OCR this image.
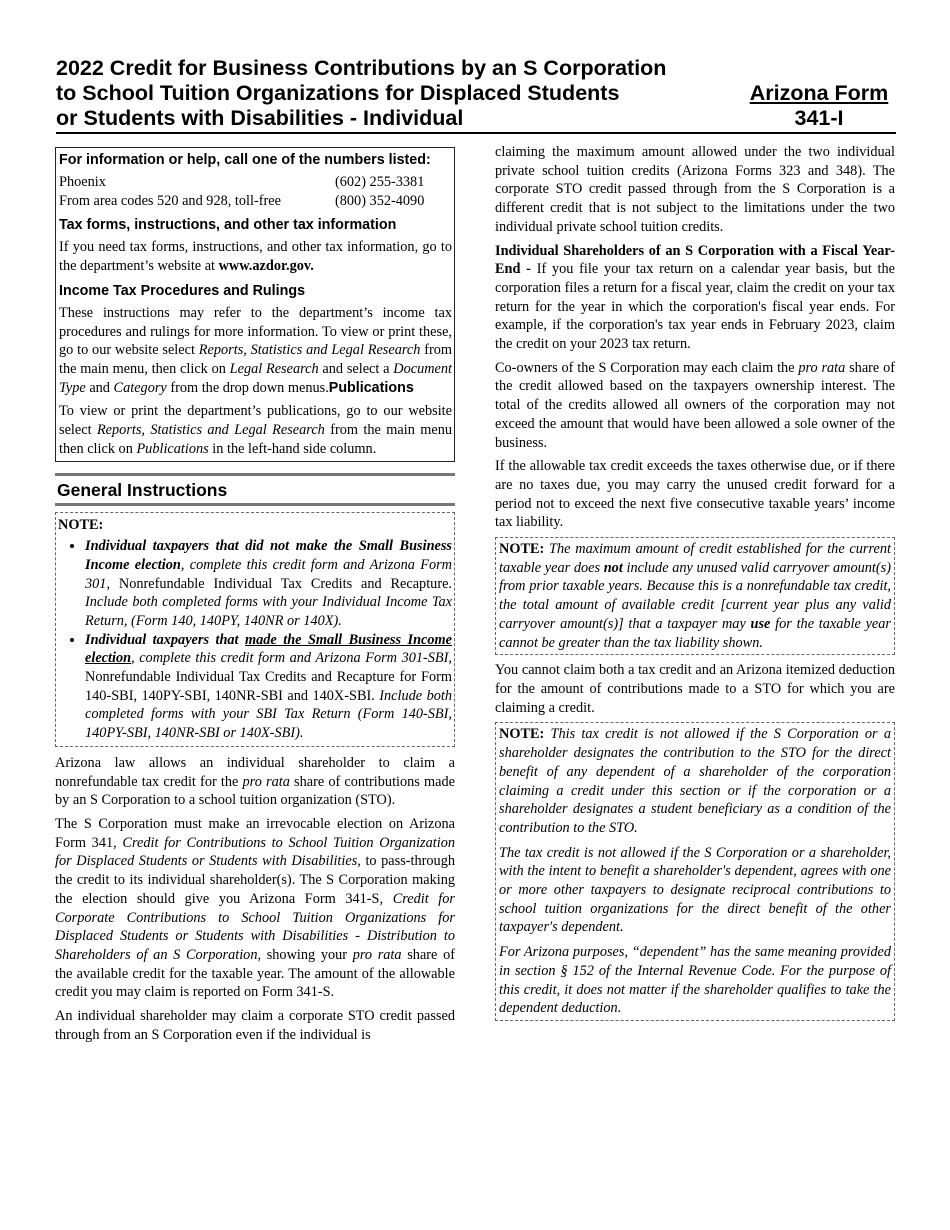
2022 Credit for Business Contributions by an S Corporation
to School Tuition Organizations for Displaced Students
or Students with Disabilities - Individual
Arizona Form
341-I
For information or help, call one of the numbers listed:
Phoenix	(602) 255-3381
From area codes 520 and 928, toll-free	(800) 352-4090
Tax forms, instructions, and other tax information

If you need tax forms, instructions, and other tax information, go to the department’s website at www.azdor.gov.

Income Tax Procedures and Rulings

These instructions may refer to the department’s income tax procedures and rulings for more information. To view or print these, go to our website select Reports, Statistics and Legal Research from the main menu, then click on Legal Research and select a Document Type and Category from the drop down menus.Publications

To view or print the department’s publications, go to our website select Reports, Statistics and Legal Research from the main menu then click on Publications in the left-hand side column.

General Instructions
NOTE:
• Individual taxpayers that did not make the Small Business Income election, complete this credit form and Arizona Form 301, Nonrefundable Individual Tax Credits and Recapture. Include both completed forms with your Individual Income Tax Return, (Form 140, 140PY, 140NR or 140X).
• Individual taxpayers that made the Small Business Income election, complete this credit form and Arizona Form 301-SBI, Nonrefundable Individual Tax Credits and Recapture for Form 140-SBI, 140PY-SBI, 140NR-SBI and 140X-SBI. Include both completed forms with your SBI Tax Return (Form 140-SBI, 140PY-SBI, 140NR-SBI or 140X-SBI).

Arizona law allows an individual shareholder to claim a nonrefundable tax credit for the pro rata share of contributions made by an S Corporation to a school tuition organization (STO).

The S Corporation must make an irrevocable election on Arizona Form 341, Credit for Contributions to School Tuition Organization for Displaced Students or Students with Disabilities, to pass-through the credit to its individual shareholder(s). The S Corporation making the election should give you Arizona Form 341-S, Credit for Corporate Contributions to School Tuition Organizations for Displaced Students or Students with Disabilities - Distribution to Shareholders of an S Corporation, showing your pro rata share of the available credit for the taxable year. The amount of the allowable credit you may claim is reported on Form 341-S.

An individual shareholder may claim a corporate STO credit passed through from an S Corporation even if the individual is

claiming the maximum amount allowed under the two individual private school tuition credits (Arizona Forms 323 and 348). The corporate STO credit passed through from the S Corporation is a different credit that is not subject to the limitations under the two individual private school tuition credits.

Individual Shareholders of an S Corporation with a Fiscal Year-End - If you file your tax return on a calendar year basis, but the corporation files a return for a fiscal year, claim the credit on your tax return for the year in which the corporation's fiscal year ends. For example, if the corporation's tax year ends in February 2023, claim the credit on your 2023 tax return.

Co-owners of the S Corporation may each claim the pro rata share of the credit allowed based on the taxpayers ownership interest. The total of the credits allowed all owners of the corporation may not exceed the amount that would have been allowed a sole owner of the business.

If the allowable tax credit exceeds the taxes otherwise due, or if there are no taxes due, you may carry the unused credit forward for a period not to exceed the next five consecutive taxable years’ income tax liability.

NOTE: The maximum amount of credit established for the current taxable year does not include any unused valid carryover amount(s) from prior taxable years. Because this is a nonrefundable tax credit, the total amount of available credit [current year plus any valid carryover amount(s)] that a taxpayer may use for the taxable year cannot be greater than the tax liability shown.

You cannot claim both a tax credit and an Arizona itemized deduction for the amount of contributions made to a STO for which you are claiming a credit.

NOTE: This tax credit is not allowed if the S Corporation or a shareholder designates the contribution to the STO for the direct benefit of any dependent of a shareholder of the corporation claiming a credit under this section or if the corporation or a shareholder designates a student beneficiary as a condition of the contribution to the STO.

The tax credit is not allowed if the S Corporation or a shareholder, with the intent to benefit a shareholder's dependent, agrees with one or more other taxpayers to designate reciprocal contributions to school tuition organizations for the direct benefit of the other taxpayer's dependent.

For Arizona purposes, “dependent” has the same meaning provided in section § 152 of the Internal Revenue Code. For the purpose of this credit, it does not matter if the shareholder qualifies to take the dependent deduction.
